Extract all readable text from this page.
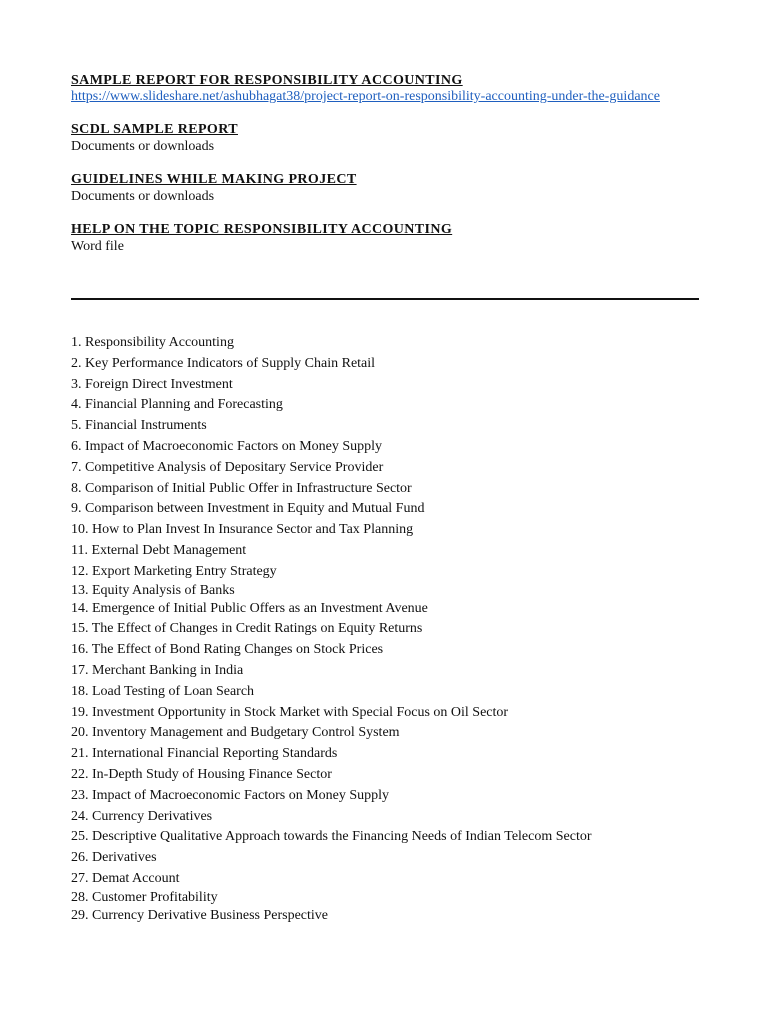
SAMPLE REPORT FOR RESPONSIBILITY ACCOUNTING

https://www.slideshare.net/ashubhagat38/project-report-on-responsibility-accounting-under-the-guidance

SCDL SAMPLE REPORT

Documents or downloads

GUIDELINES WHILE MAKING PROJECT

Documents or downloads

HELP ON THE TOPIC RESPONSIBILITY ACCOUNTING

Word file

1. Responsibility Accounting
2. Key Performance Indicators of Supply Chain Retail
3. Foreign Direct Investment
4. Financial Planning and Forecasting
5. Financial Instruments
6. Impact of Macroeconomic Factors on Money Supply
7. Competitive Analysis of Depositary Service Provider
8. Comparison of Initial Public Offer in Infrastructure Sector
9. Comparison between Investment in Equity and Mutual Fund
10. How to Plan Invest In Insurance Sector and Tax Planning
11. External Debt Management
12. Export Marketing Entry Strategy
13. Equity Analysis of Banks
14. Emergence of Initial Public Offers as an Investment Avenue
15. The Effect of Changes in Credit Ratings on Equity Returns
16. The Effect of Bond Rating Changes on Stock Prices
17. Merchant Banking in India
18. Load Testing of Loan Search
19. Investment Opportunity in Stock Market with Special Focus on Oil Sector
20. Inventory Management and Budgetary Control System
21. International Financial Reporting Standards
22. In-Depth Study of Housing Finance Sector
23. Impact of Macroeconomic Factors on Money Supply
24. Currency Derivatives
25. Descriptive Qualitative Approach towards the Financing Needs of Indian Telecom Sector
26. Derivatives
27. Demat Account
28. Customer Profitability
29. Currency Derivative Business Perspective
